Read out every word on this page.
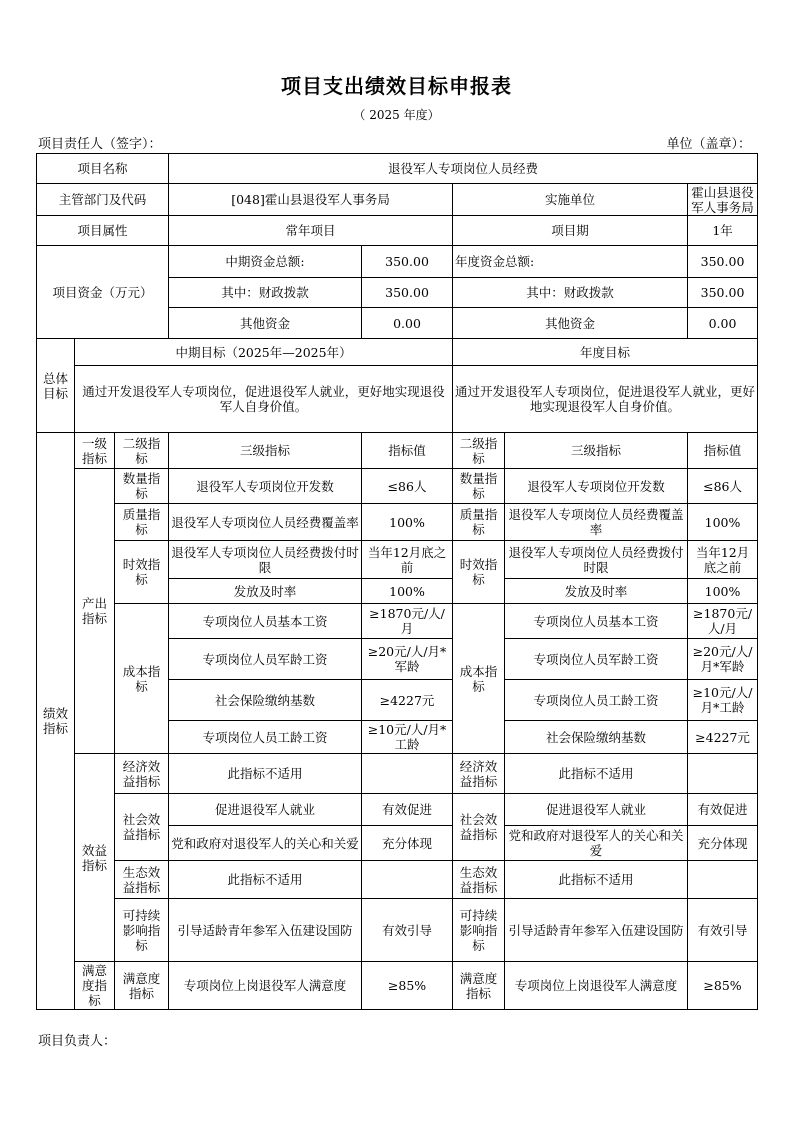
项目支出绩效目标申报表
（ 2025 年度）
项目责任人（签字）：	单位（盖章）：
项目名称			退役军人专项岗位人员经费				
主管部门及代码			[048]霍山县退役军人事务局		实施单位		霍山县退役军人事务局
项目属性			常年项目		项目期		1年
项目资金（万元）			中期资金总额:	350.00	年度资金总额:		350.00
			其中：财政拨款	350.00	其中：财政拨款		350.00
			其他资金	0.00	其他资金		0.00
总体目标	中期目标（2025年—2025年）				年度目标		
	通过开发退役军人专项岗位，促进退役军人就业，更好地实现退役军人自身价值。				通过开发退役军人专项岗位，促进退役军人就业，更好地实现退役军人自身价值。		
绩效指标	一级指标	二级指标	三级指标	指标值	二级指标	三级指标	指标值
	产出指标	数量指标	退役军人专项岗位开发数	≤86人	数量指标	退役军人专项岗位开发数	≤86人
		质量指标	退役军人专项岗位人员经费覆盖率	100%	质量指标	退役军人专项岗位人员经费覆盖率	100%
		时效指标	退役军人专项岗位人员经费拨付时限	当年12月底之前	时效指标	退役军人专项岗位人员经费拨付时限	当年12月底之前
			发放及时率	100%		发放及时率	100%
		成本指标	专项岗位人员基本工资	≥1870元/人/月	成本指标	专项岗位人员基本工资	≥1870元/人/月
			专项岗位人员军龄工资	≥20元/人/月*军龄		专项岗位人员军龄工资	≥20元/人/月*军龄
			社会保险缴纳基数	≥4227元		专项岗位人员工龄工资	≥10元/人/月*工龄
			专项岗位人员工龄工资	≥10元/人/月*工龄		社会保险缴纳基数	≥4227元
	效益指标	经济效益指标	此指标不适用		经济效益指标	此指标不适用	
		社会效益指标	促进退役军人就业	有效促进	社会效益指标	促进退役军人就业	有效促进
			党和政府对退役军人的关心和关爱	充分体现		党和政府对退役军人的关心和关爱	充分体现
		生态效益指标	此指标不适用		生态效益指标	此指标不适用	
		可持续影响指标	引导适龄青年参军入伍建设国防	有效引导	可持续影响指标	引导适龄青年参军入伍建设国防	有效引导
	满意度指标	满意度指标	专项岗位上岗退役军人满意度	≥85%	满意度指标	专项岗位上岗退役军人满意度	≥85%
项目负责人：
